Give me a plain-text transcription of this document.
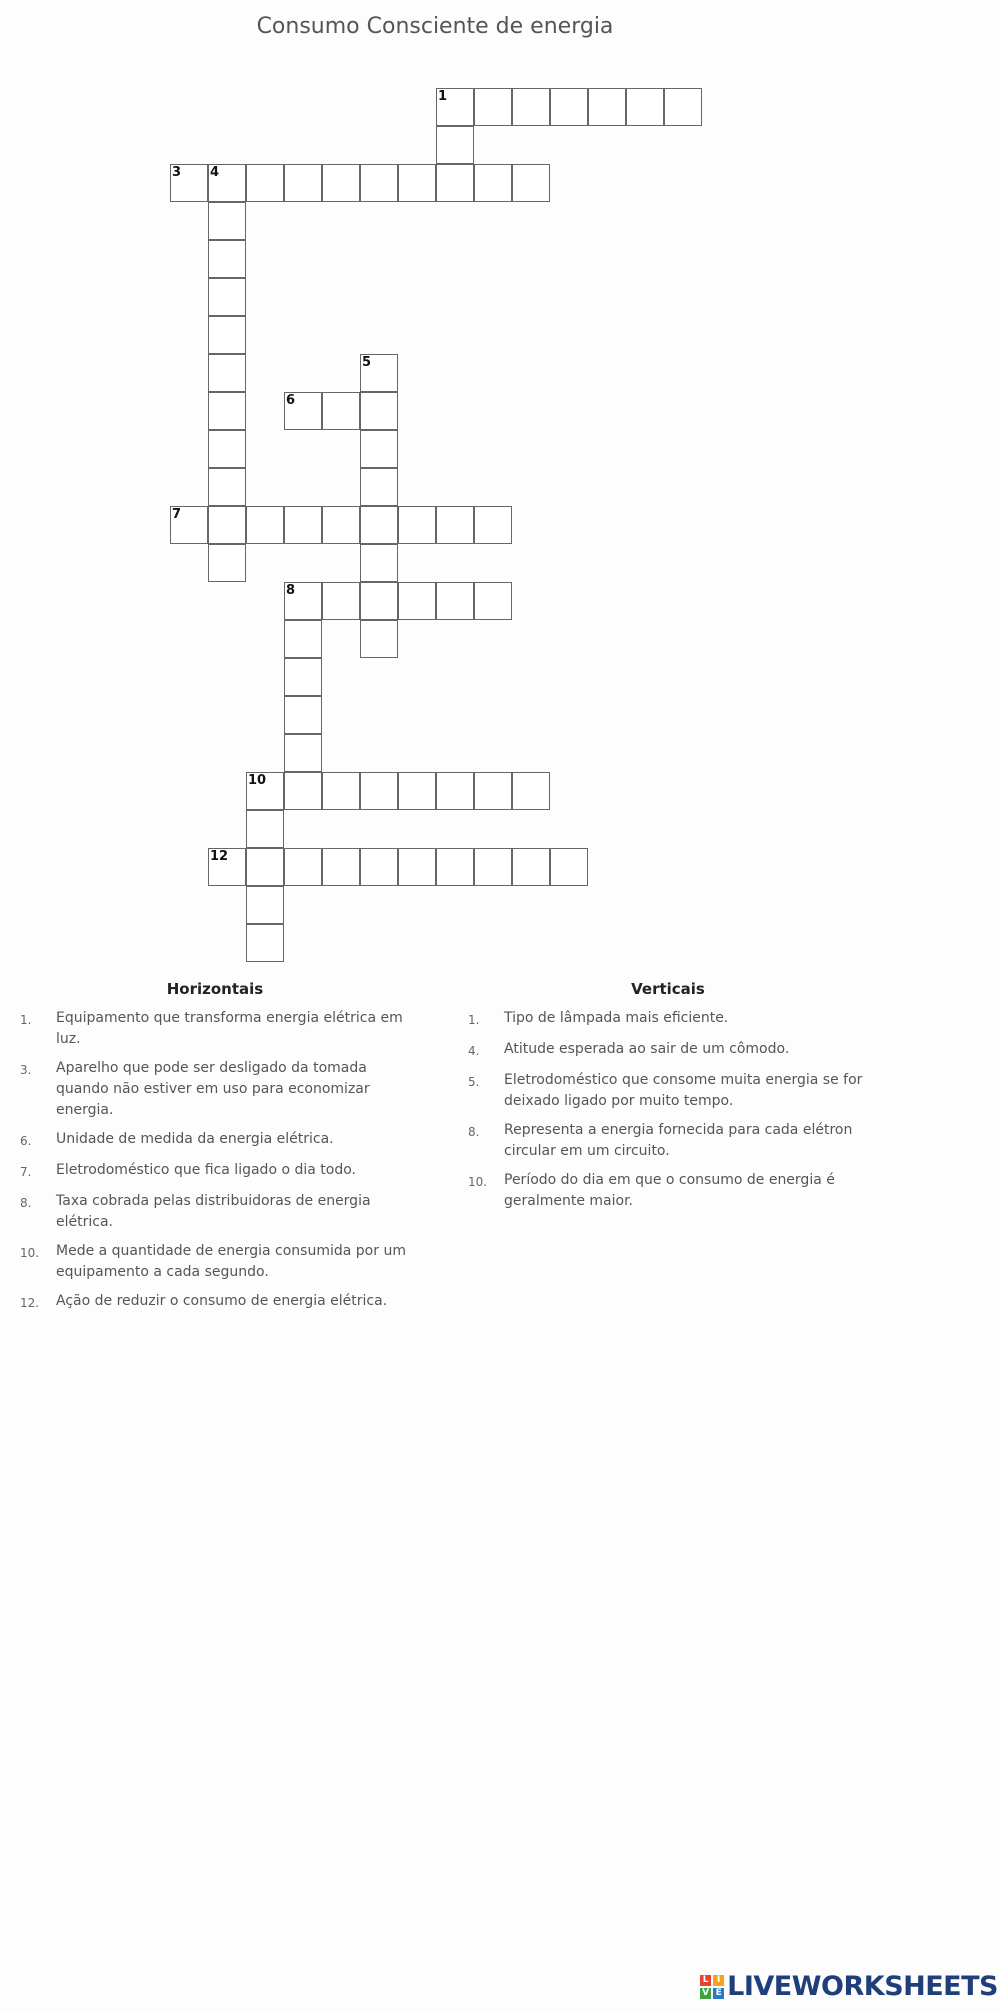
Consumo Consciente de energia
1
3 4
5
6
7
8
10
12
Horizontais
1.	Equipamento que transforma energia elétrica em luz.
3.	Aparelho que pode ser desligado da tomada quando não estiver em uso para economizar energia.
6.	Unidade de medida da energia elétrica.
7.	Eletrodoméstico que fica ligado o dia todo.
8.	Taxa cobrada pelas distribuidoras de energia elétrica.
10.	Mede a quantidade de energia consumida por um equipamento a cada segundo.
12.	Ação de reduzir o consumo de energia elétrica.
Verticais
1.	Tipo de lâmpada mais eficiente.
4.	Atitude esperada ao sair de um cômodo.
5.	Eletrodoméstico que consome muita energia se for deixado ligado por muito tempo.
8.	Representa a energia fornecida para cada elétron circular em um circuito.
10.	Período do dia em que o consumo de energia é geralmente maior.
L I
V E LIVEWORKSHEETS
